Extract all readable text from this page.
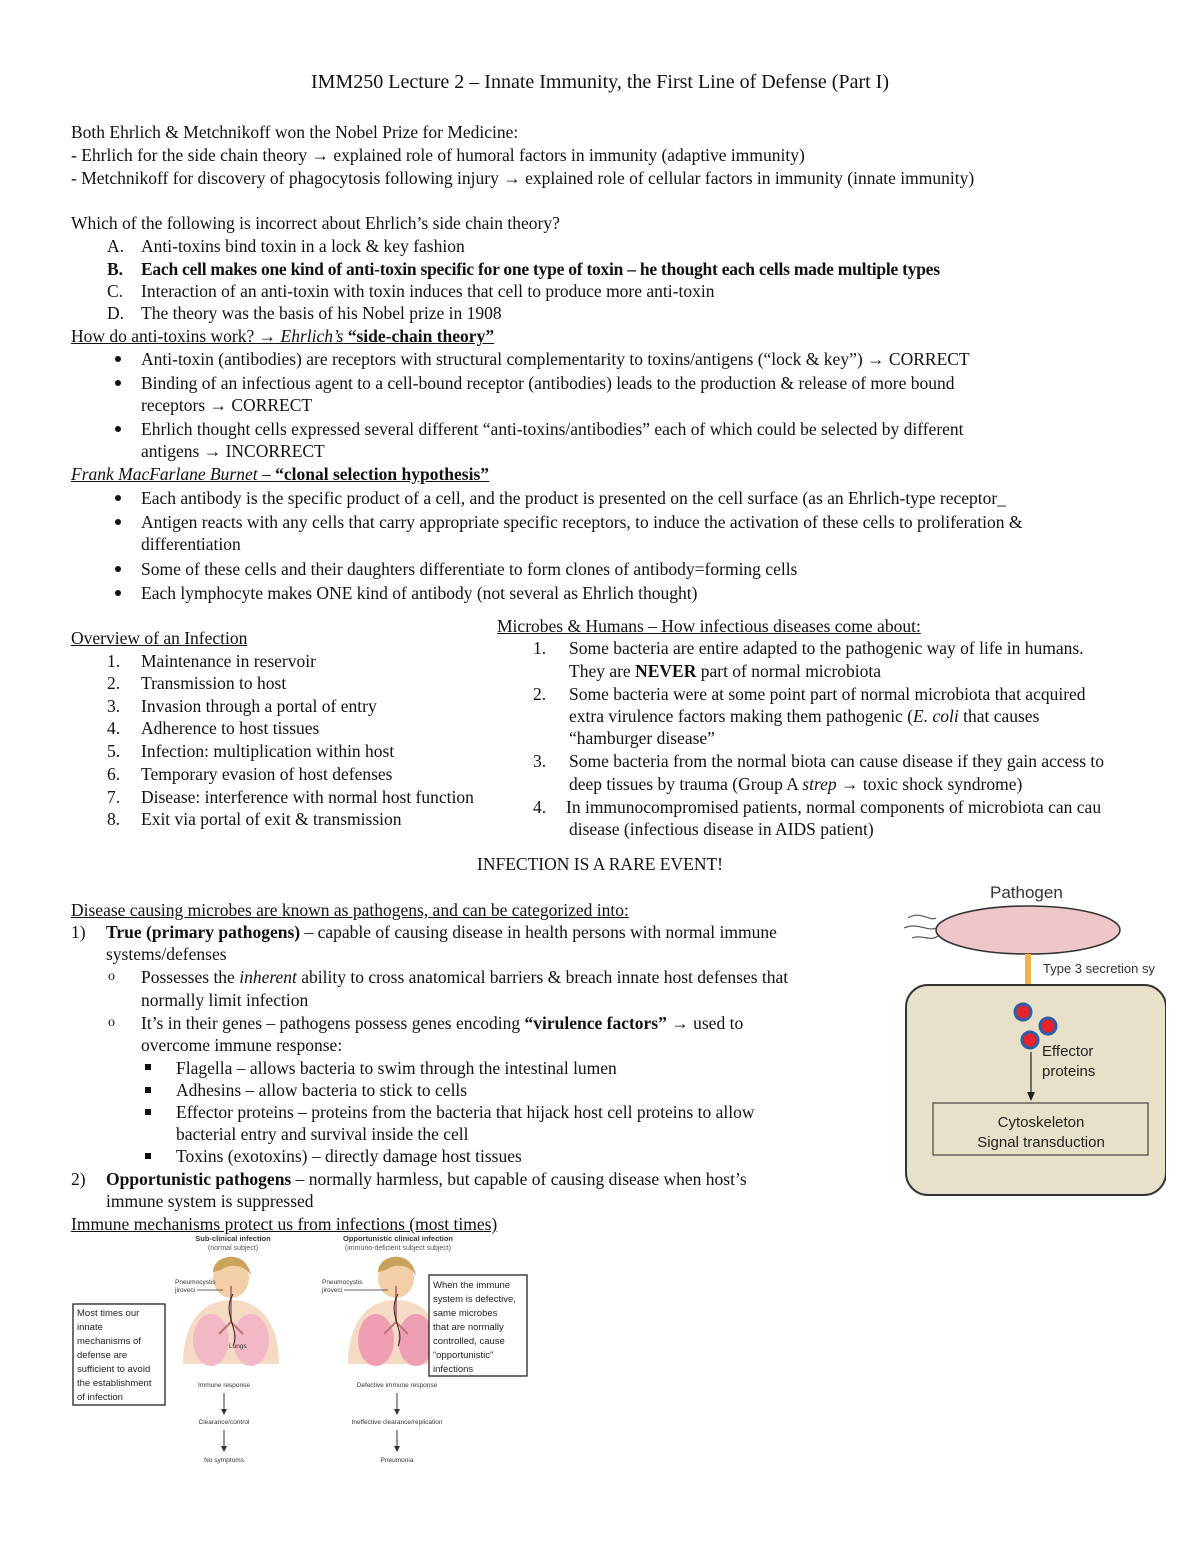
IMM250 Lecture 2 – Innate Immunity, the First Line of Defense (Part I)
Both Ehrlich & Metchnikoff won the Nobel Prize for Medicine:
- Ehrlich for the side chain theory → explained role of humoral factors in immunity (adaptive immunity)
- Metchnikoff for discovery of phagocytosis following injury → explained role of cellular factors in immunity (innate immunity)
Which of the following is incorrect about Ehrlich’s side chain theory?
A. Anti-toxins bind toxin in a lock & key fashion
B. Each cell makes one kind of anti-toxin specific for one type of toxin – he thought each cells made multiple types
C. Interaction of an anti-toxin with toxin induces that cell to produce more anti-toxin
D. The theory was the basis of his Nobel prize in 1908
How do anti-toxins work? → Ehrlich’s “side-chain theory”
Anti-toxin (antibodies) are receptors with structural complementarity to toxins/antigens (“lock & key”) → CORRECT
Binding of an infectious agent to a cell-bound receptor (antibodies) leads to the production & release of more bound
receptors → CORRECT
Ehrlich thought cells expressed several different “anti-toxins/antibodies” each of which could be selected by different
antigens → INCORRECT
Frank MacFarlane Burnet – “clonal selection hypothesis”
Each antibody is the specific product of a cell, and the product is presented on the cell surface (as an Ehrlich-type receptor_
Antigen reacts with any cells that carry appropriate specific receptors, to induce the activation of these cells to proliferation &
differentiation
Some of these cells and their daughters differentiate to form clones of antibody=forming cells
Each lymphocyte makes ONE kind of antibody (not several as Ehrlich thought)
Overview of an Infection
1. Maintenance in reservoir
2. Transmission to host
3. Invasion through a portal of entry
4. Adherence to host tissues
5. Infection: multiplication within host
6. Temporary evasion of host defenses
7. Disease: interference with normal host function
8. Exit via portal of exit & transmission
Microbes & Humans – How infectious diseases come about:
1. Some bacteria are entire adapted to the pathogenic way of life in humans.
They are NEVER part of normal microbiota
2. Some bacteria were at some point part of normal microbiota that acquired
extra virulence factors making them pathogenic (E. coli that causes
“hamburger disease”
3. Some bacteria from the normal biota can cause disease if they gain access to
deep tissues by trauma (Group A strep → toxic shock syndrome)
4. In immunocompromised patients, normal components of microbiota can cau
disease (infectious disease in AIDS patient)
INFECTION IS A RARE EVENT!
Disease causing microbes are known as pathogens, and can be categorized into:
1) True (primary pathogens) – capable of causing disease in health persons with normal immune
systems/defenses
o Possesses the inherent ability to cross anatomical barriers & breach innate host defenses that
normally limit infection
o It’s in their genes – pathogens possess genes encoding “virulence factors” → used to
overcome immune response:
Flagella – allows bacteria to swim through the intestinal lumen
Adhesins – allow bacteria to stick to cells
Effector proteins – proteins from the bacteria that hijack host cell proteins to allow
bacterial entry and survival inside the cell
Toxins (exotoxins) – directly damage host tissues
2) Opportunistic pathogens – normally harmless, but capable of causing disease when host’s
immune system is suppressed
Immune mechanisms protect us from infections (most times)
Pathogen
Type 3 secretion sy
Effector
proteins
Cytoskeleton
Signal transduction
Sub-clinical infection
(normal subject)
Lungs
Pneumocystis
jiroveci
Immune response
Clearance/control
No symptoms
Most times our
innate
mechanisms of
defense are
sufficient to avoid
the establishment
of infection
Opportunistic clinical infection
(immuno-deficient subject subject)
Pneumocystis
jiroveci
Defective immune response
Ineffective clearance/replication
Pneumonia
When the immune
system is defective,
same microbes
that are normally
controlled, cause
“opportunistic”
infections
